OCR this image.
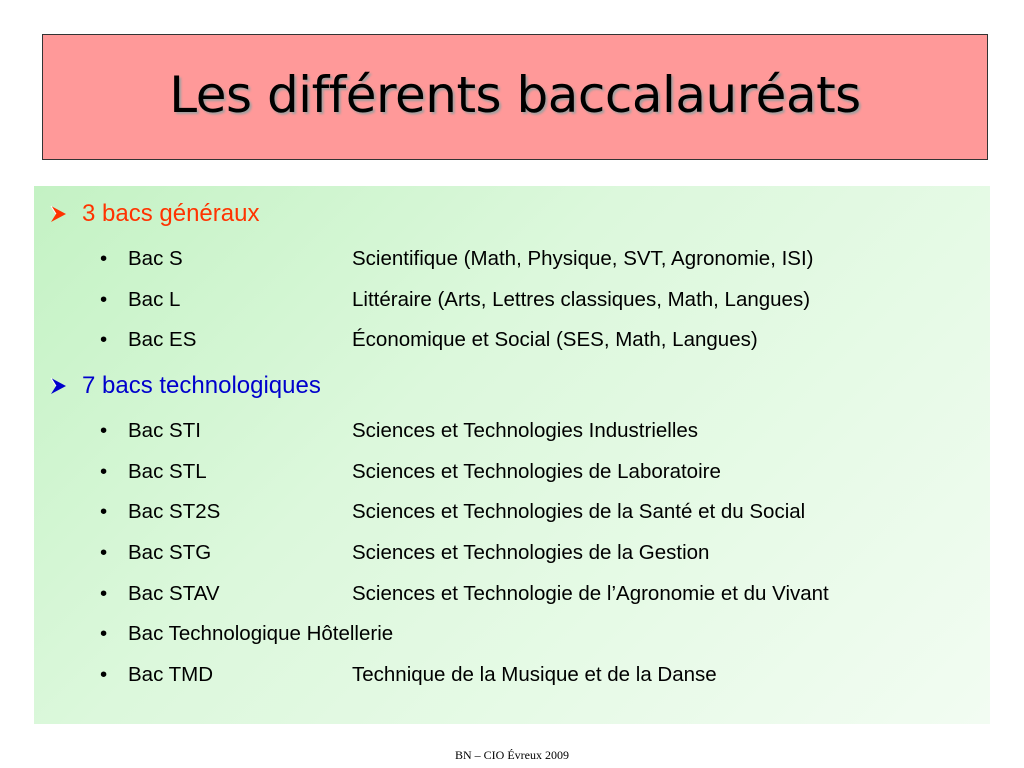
Les différents baccalauréats
3 bacs généraux
• Bac S	Scientifique (Math, Physique, SVT, Agronomie, ISI)
• Bac L	Littéraire (Arts, Lettres classiques, Math, Langues)
• Bac ES	Économique et Social (SES, Math, Langues)
7 bacs technologiques
• Bac STI	Sciences et Technologies Industrielles
• Bac STL	Sciences et Technologies de Laboratoire
• Bac ST2S	Sciences et Technologies de la Santé et du Social
• Bac STG	Sciences et Technologies de la Gestion
• Bac STAV	Sciences et Technologie de l’Agronomie et du Vivant
• Bac Technologique Hôtellerie
• Bac TMD	Technique de la Musique et de la Danse
BN – CIO Évreux 2009
